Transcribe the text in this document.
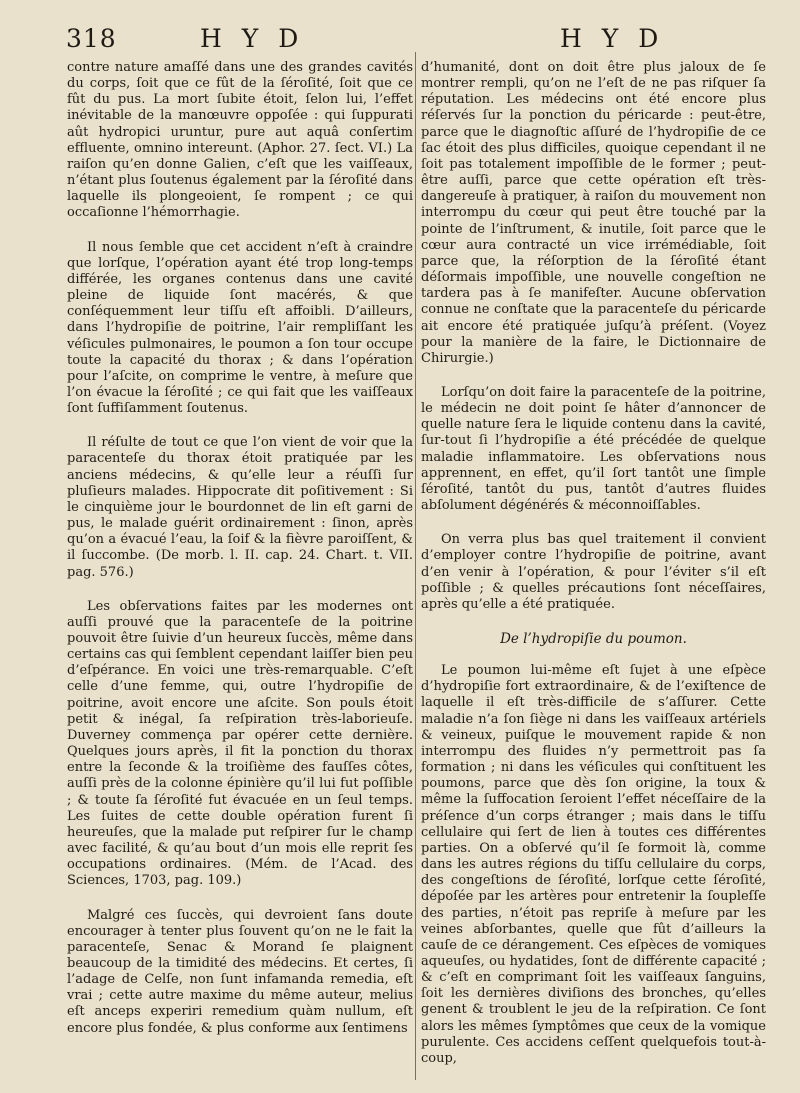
318	H Y D	H Y D

contre nature amaſſé dans une des grandes cavités du corps, ſoit que ce fût de la ſéroſité, ſoit que ce fût du pus. La mort ſubite étoit, ſelon lui, l’effet inévitable de la manœuvre oppoſée : qui ſuppurati aût hydropici uruntur, pure aut aquâ conſertim effluente, omnino intereunt. (Aphor. 27. ſect. VI.) La raiſon qu’en donne Galien, c’eſt que les vaiſſeaux, n’étant plus ſoutenus également par la ſéroſité dans laquelle ils plongeoient, ſe rompent ; ce qui occaſionne l’hémorrhagie.

Il nous ſemble que cet accident n’eſt à craindre que lorſque, l’opération ayant été trop long-temps différée, les organes contenus dans une cavité pleine de liquide ſont macérés, & que conſéquemment leur tiſſu eſt affoibli. D’ailleurs, dans l’hydropiſie de poitrine, l’air rempliſſant les véſicules pulmonaires, le poumon a ſon tour occupe toute la capacité du thorax ; & dans l’opération pour l’aſcite, on comprime le ventre, à meſure que l’on évacue la ſéroſité ; ce qui fait que les vaiſſeaux ſont ſuffiſamment ſoutenus.

Il réſulte de tout ce que l’on vient de voir que la paracenteſe du thorax étoit pratiquée par les anciens médecins, & qu’elle leur a réuſſi ſur pluſieurs malades. Hippocrate dit poſitivement : Si le cinquième jour le bourdonnet de lin eſt garni de pus, le malade guérit ordinairement : ſinon, après qu’on a évacué l’eau, la ſoif & la fièvre paroiſſent, & il ſuccombe. (De morb. l. II. cap. 24. Chart. t. VII. pag. 576.)

Les obſervations faites par les modernes ont auſſi prouvé que la paracenteſe de la poitrine pouvoit être ſuivie d’un heureux ſuccès, même dans certains cas qui ſemblent cependant laiſſer bien peu d’eſpérance. En voici une très-remarquable. C’eſt celle d’une femme, qui, outre l’hydropiſie de poitrine, avoit encore une aſcite. Son pouls étoit petit & inégal, ſa reſpiration très-laborieuſe. Duverney commença par opérer cette dernière. Quelques jours après, il fit la ponction du thorax entre la ſeconde & la troiſième des fauſſes côtes, auſſi près de la colonne épinière qu’il lui fut poſſible ; & toute ſa ſéroſité fut évacuée en un ſeul temps. Les ſuites de cette double opération furent ſi heureuſes, que la malade put reſpirer ſur le champ avec facilité, & qu’au bout d’un mois elle reprit ſes occupations ordinaires. (Mém. de l’Acad. des Sciences, 1703, pag. 109.)

Malgré ces ſuccès, qui devroient ſans doute encourager à tenter plus ſouvent qu’on ne le fait la paracenteſe, Senac & Morand ſe plaignent beaucoup de la timidité des médecins. Et certes, ſi l’adage de Celſe, non ſunt infamanda remedia, eſt vrai ; cette autre maxime du même auteur, melius eſt anceps experiri remedium quàm nullum, eſt encore plus fondée, & plus conforme aux ſentimens

d’humanité, dont on doit être plus jaloux de ſe montrer rempli, qu’on ne l’eſt de ne pas riſquer ſa réputation. Les médecins ont été encore plus réſervés ſur la ponction du péricarde : peut-être, parce que le diagnoſtic aſſuré de l’hydropiſie de ce ſac étoit des plus difficiles, quoique cependant il ne ſoit pas totalement impoſſible de le former ; peut-être auſſi, parce que cette opération eſt très-dangereuſe à pratiquer, à raiſon du mouvement non interrompu du cœur qui peut être touché par la pointe de l’inſtrument, & inutile, ſoit parce que le cœur aura contracté un vice irrémédiable, ſoit parce que, la réſorption de la ſéroſité étant déſormais impoſſible, une nouvelle congeſtion ne tardera pas à ſe manifeſter. Aucune obſervation connue ne conſtate que la paracenteſe du péricarde ait encore été pratiquée juſqu’à préſent. (Voyez pour la manière de la faire, le Dictionnaire de Chirurgie.)

Lorſqu’on doit faire la paracenteſe de la poitrine, le médecin ne doit point ſe hâter d’annoncer de quelle nature ſera le liquide contenu dans la cavité, ſur-tout ſi l’hydropiſie a été précédée de quelque maladie inflammatoire. Les obſervations nous apprennent, en effet, qu’il ſort tantôt une ſimple ſéroſité, tantôt du pus, tantôt d’autres fluides abſolument dégénérés & méconnoiſſables.

On verra plus bas quel traitement il convient d’employer contre l’hydropiſie de poitrine, avant d’en venir à l’opération, & pour l’éviter s’il eſt poſſible ; & quelles précautions ſont néceſſaires, après qu’elle a été pratiquée.

De l’hydropiſie du poumon.

Le poumon lui-même eſt ſujet à une eſpèce d’hydropiſie fort extraordinaire, & de l’exiſtence de laquelle il eſt très-difficile de s’aſſurer. Cette maladie n’a ſon ſiège ni dans les vaiſſeaux artériels & veineux, puiſque le mouvement rapide & non interrompu des fluides n’y permettroit pas ſa formation ; ni dans les véſicules qui conſtituent les poumons, parce que dès ſon origine, la toux & même la ſuffocation ſeroient l’effet néceſſaire de la préſence d’un corps étranger ; mais dans le tiſſu cellulaire qui ſert de lien à toutes ces différentes parties. On a obſervé qu’il ſe formoit là, comme dans les autres régions du tiſſu cellulaire du corps, des congeſtions de ſéroſité, lorſque cette ſéroſité, dépoſée par les artères pour entretenir la ſoupleſſe des parties, n’étoit pas repriſe à meſure par les veines abſorbantes, quelle que fût d’ailleurs la cauſe de ce dérangement. Ces eſpèces de vomiques aqueuſes, ou hydatides, ſont de différente capacité ; & c’eſt en comprimant ſoit les vaiſſeaux ſanguins, ſoit les dernières diviſions des bronches, qu’elles genent & troublent le jeu de la reſpiration. Ce ſont alors les mêmes ſymptômes que ceux de la vomique purulente. Ces accidens ceſſent quelquefois tout-à-coup,
